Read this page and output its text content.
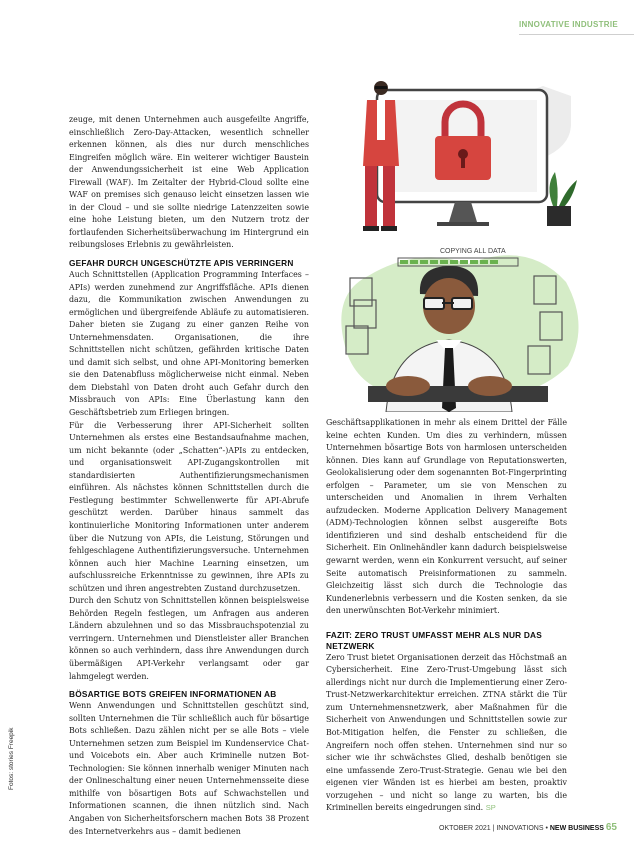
INNOVATIVE INDUSTRIE
COPYING ALL DATA

zeuge, mit denen Unternehmen auch ausgefeilte Angriffe, einschließlich Zero-Day-Attacken, wesentlich schneller erkennen können, als dies nur durch menschliches Eingreifen möglich wäre. Ein weiterer wichtiger Baustein der Anwendungssicherheit ist eine Web Application Firewall (WAF). Im Zeitalter der Hybrid-Cloud sollte eine WAF on premises sich genauso leicht einsetzen lassen wie in der Cloud – und sie sollte niedrige Latenzzeiten sowie eine hohe Leistung bieten, um den Nutzern trotz der fortlaufenden Sicherheitsüberwachung im Hintergrund ein reibungsloses Erlebnis zu gewährleisten.

GEFAHR DURCH UNGESCHÜTZTE APIS VERRINGERN

Auch Schnittstellen (Application Programming Interfaces – APIs) werden zunehmend zur Angriffsfläche. APIs dienen dazu, die Kommunikation zwischen Anwendungen zu ermöglichen und übergreifende Abläufe zu automatisieren. Daher bieten sie Zugang zu einer ganzen Reihe von Unternehmensdaten. Organisationen, die ihre Schnittstellen nicht schützen, gefährden kritische Daten und damit sich selbst, und ohne API-Monitoring bemerken sie den Datenabfluss möglicherweise nicht einmal. Neben dem Diebstahl von Daten droht auch Gefahr durch den Missbrauch von APIs: Eine Überlastung kann den Geschäftsbetrieb zum Erliegen bringen.

Für die Verbesserung ihrer API-Sicherheit sollten Unternehmen als erstes eine Bestandsaufnahme machen, um nicht bekannte (oder „Schatten“-)APIs zu entdecken, und organisationsweit API-Zugangskontrollen mit standardisierten Authentifizierungsmechanismen einführen. Als nächstes können Schnittstellen durch die Festlegung bestimmter Schwellenwerte für API-Abrufe geschützt werden. Darüber hinaus sammelt das kontinuierliche Monitoring Informationen unter anderem über die Nutzung von APIs, die Leistung, Störungen und fehlgeschlagene Authentifizierungsversuche. Unternehmen können auch hier Machine Learning einsetzen, um aufschlussreiche Erkenntnisse zu gewinnen, ihre APIs zu schützen und ihren angestrebten Zustand durchzusetzen.

Durch den Schutz von Schnittstellen können beispielsweise Behörden Regeln festlegen, um Anfragen aus anderen Ländern abzulehnen und so das Missbrauchspotenzial zu verringern. Unternehmen und Dienstleister aller Branchen können so auch verhindern, dass ihre Anwendungen durch übermäßigen API-Verkehr verlangsamt oder gar lahmgelegt werden.

BÖSARTIGE BOTS GREIFEN INFORMATIONEN AB

Wenn Anwendungen und Schnittstellen geschützt sind, sollten Unternehmen die Tür schließlich auch für bösartige Bots schließen. Dazu zählen nicht per se alle Bots – viele Unternehmen setzen zum Beispiel im Kundenservice Chat- und Voicebots ein. Aber auch Kriminelle nutzen Bot-Technologien: Sie können innerhalb weniger Minuten nach der Onlineschaltung einer neuen Unternehmensseite diese mithilfe von bösartigen Bots auf Schwachstellen und Informationen scannen, die ihnen nützlich sind. Nach Angaben von Sicherheitsforschern machen Bots 38 Prozent des Internetverkehrs aus – damit bedienen

Geschäftsapplikationen in mehr als einem Drittel der Fälle keine echten Kunden. Um dies zu verhindern, müssen Unternehmen bösartige Bots von harmlosen unterscheiden können. Dies kann auf Grundlage von Reputationswerten, Geolokalisierung oder dem sogenannten Bot-Fingerprinting erfolgen – Parameter, um sie von Menschen zu unterscheiden und Anomalien in ihrem Verhalten aufzudecken. Moderne Application Delivery Management (ADM)-Technologien können selbst ausgereifte Bots identifizieren und sind deshalb entscheidend für die Sicherheit. Ein Onlinehändler kann dadurch beispielsweise gewarnt werden, wenn ein Konkurrent versucht, auf seiner Seite automatisch Preisinformationen zu sammeln. Gleichzeitig lässt sich durch die Technologie das Kundenerlebnis verbessern und die Kosten senken, da sie den unerwünschten Bot-Verkehr minimiert.

FAZIT: ZERO TRUST UMFASST MEHR ALS NUR DAS NETZWERK

Zero Trust bietet Organisationen derzeit das Höchstmaß an Cybersicherheit. Eine Zero-Trust-Umgebung lässt sich allerdings nicht nur durch die Implementierung einer Zero-Trust-Netzwerkarchitektur erreichen. ZTNA stärkt die Tür zum Unternehmensnetzwerk, aber Maßnahmen für die Sicherheit von Anwendungen und Schnittstellen sowie zur Bot-Mitigation helfen, die Fenster zu schließen, die Angreifern noch offen stehen. Unternehmen sind nur so sicher wie ihr schwächstes Glied, deshalb benötigen sie eine umfassende Zero-Trust-Strategie. Genau wie bei den eigenen vier Wänden ist es hierbei am besten, proaktiv vorzugehen – und nicht so lange zu warten, bis die Kriminellen bereits eingedrungen sind. SP

Fotos: stories Freepik
OKTOBER 2021 | INNOVATIONS • NEW BUSINESS 65
